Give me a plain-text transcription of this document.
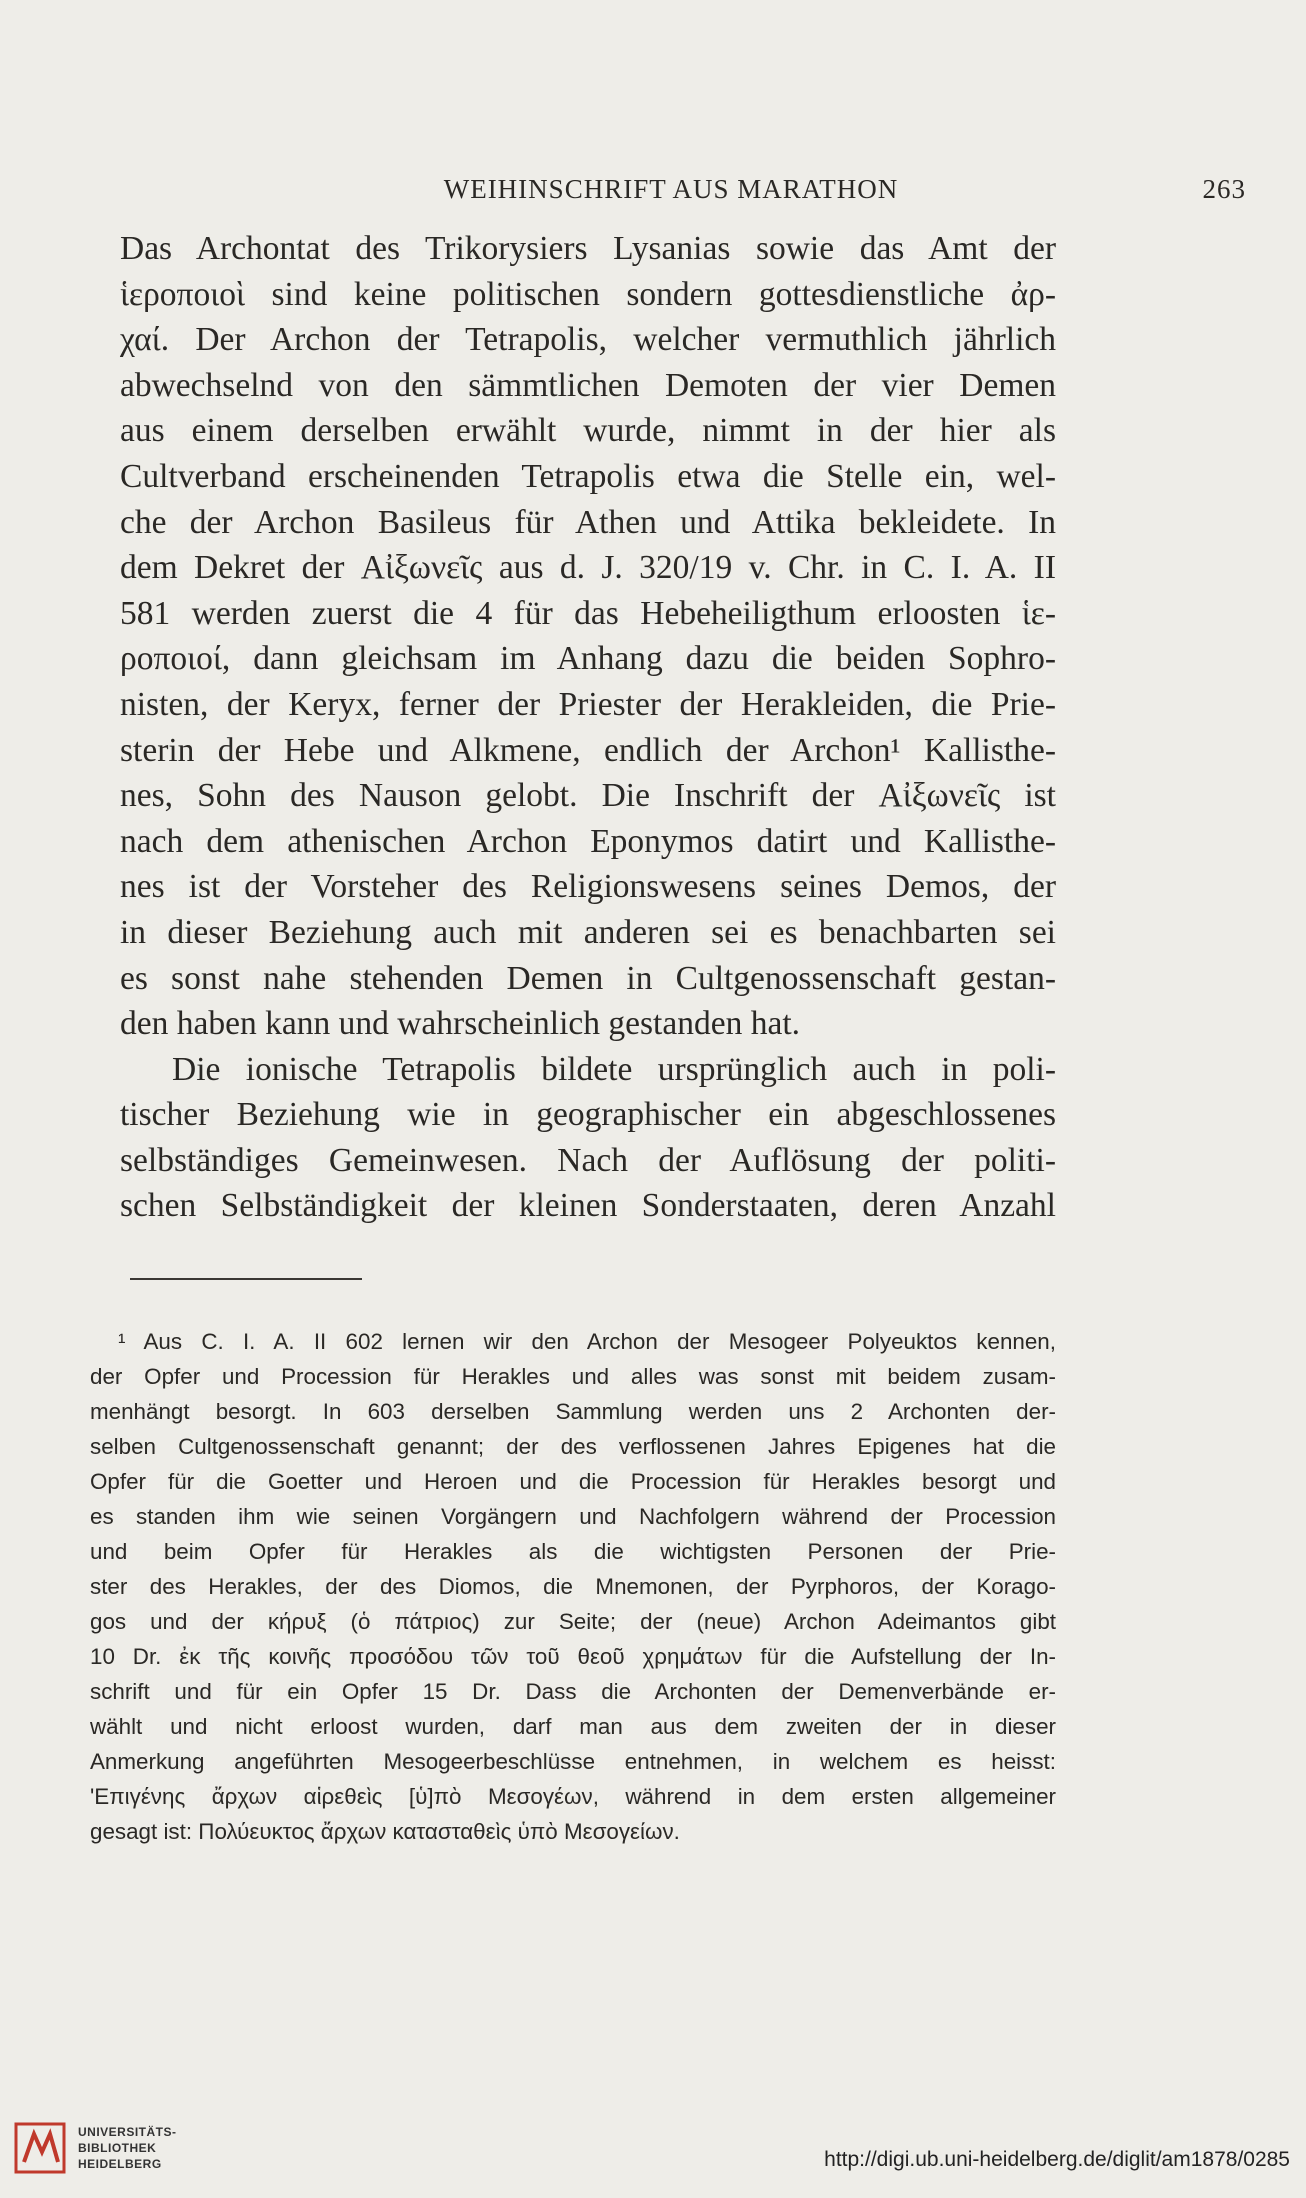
WEIHINSCHRIFT AUS MARATHON	263
Das Archontat des Trikorysiers Lysanias sowie das Amt der
ἱεροποιοὶ sind keine politischen sondern gottesdienstliche ἀρ-
χαί. Der Archon der Tetrapolis, welcher vermuthlich jährlich
abwechselnd von den sämmtlichen Demoten der vier Demen
aus einem derselben erwählt wurde, nimmt in der hier als
Cultverband erscheinenden Tetrapolis etwa die Stelle ein, wel-
che der Archon Basileus für Athen und Attika bekleidete. In
dem Dekret der Αἰξωνεῖς aus d. J. 320/19 v. Chr. in C. I. A. II
581 werden zuerst die 4 für das Hebeheiligthum erloosten ἱε-
ροποιοί, dann gleichsam im Anhang dazu die beiden Sophro-
nisten, der Keryx, ferner der Priester der Herakleiden, die Prie-
sterin der Hebe und Alkmene, endlich der Archon¹ Kallisthe-
nes, Sohn des Nauson gelobt. Die Inschrift der Αἰξωνεῖς ist
nach dem athenischen Archon Eponymos datirt und Kallisthe-
nes ist der Vorsteher des Religionswesens seines Demos, der
in dieser Beziehung auch mit anderen sei es benachbarten sei
es sonst nahe stehenden Demen in Cultgenossenschaft gestan-
den haben kann und wahrscheinlich gestanden hat.
Die ionische Tetrapolis bildete ursprünglich auch in poli-
tischer Beziehung wie in geographischer ein abgeschlossenes
selbständiges Gemeinwesen. Nach der Auflösung der politi-
schen Selbständigkeit der kleinen Sonderstaaten, deren Anzahl
¹ Aus C. I. A. II 602 lernen wir den Archon der Mesogeer Polyeuktos kennen,
der Opfer und Procession für Herakles und alles was sonst mit beidem zusam-
menhängt besorgt. In 603 derselben Sammlung werden uns 2 Archonten der-
selben Cultgenossenschaft genannt; der des verflossenen Jahres Epigenes hat die
Opfer für die Goetter und Heroen und die Procession für Herakles besorgt und
es standen ihm wie seinen Vorgängern und Nachfolgern während der Procession
und beim Opfer für Herakles als die wichtigsten Personen der Prie-
ster des Herakles, der des Diomos, die Mnemonen, der Pyrphoros, der Korago-
gos und der κήρυξ (ὁ πάτριος) zur Seite; der (neue) Archon Adeimantos gibt
10 Dr. ἐκ τῆς κοινῆς προσόδου τῶν τοῦ θεοῦ χρημάτων für die Aufstellung der In-
schrift und für ein Opfer 15 Dr. Dass die Archonten der Demenverbände er-
wählt und nicht erloost wurden, darf man aus dem zweiten der in dieser
Anmerkung angeführten Mesogeerbeschlüsse entnehmen, in welchem es heisst:
'Επιγένης ἄρχων αἱρεθεὶς [ὑ]πὸ Μεσογέων, während in dem ersten allgemeiner
gesagt ist: Πολύευκτος ἄρχων κατασταθεὶς ὑπὸ Μεσογείων.
UNIVERSITÄTS-
BIBLIOTHEK
HEIDELBERG	http://digi.ub.uni-heidelberg.de/diglit/am1878/0285
